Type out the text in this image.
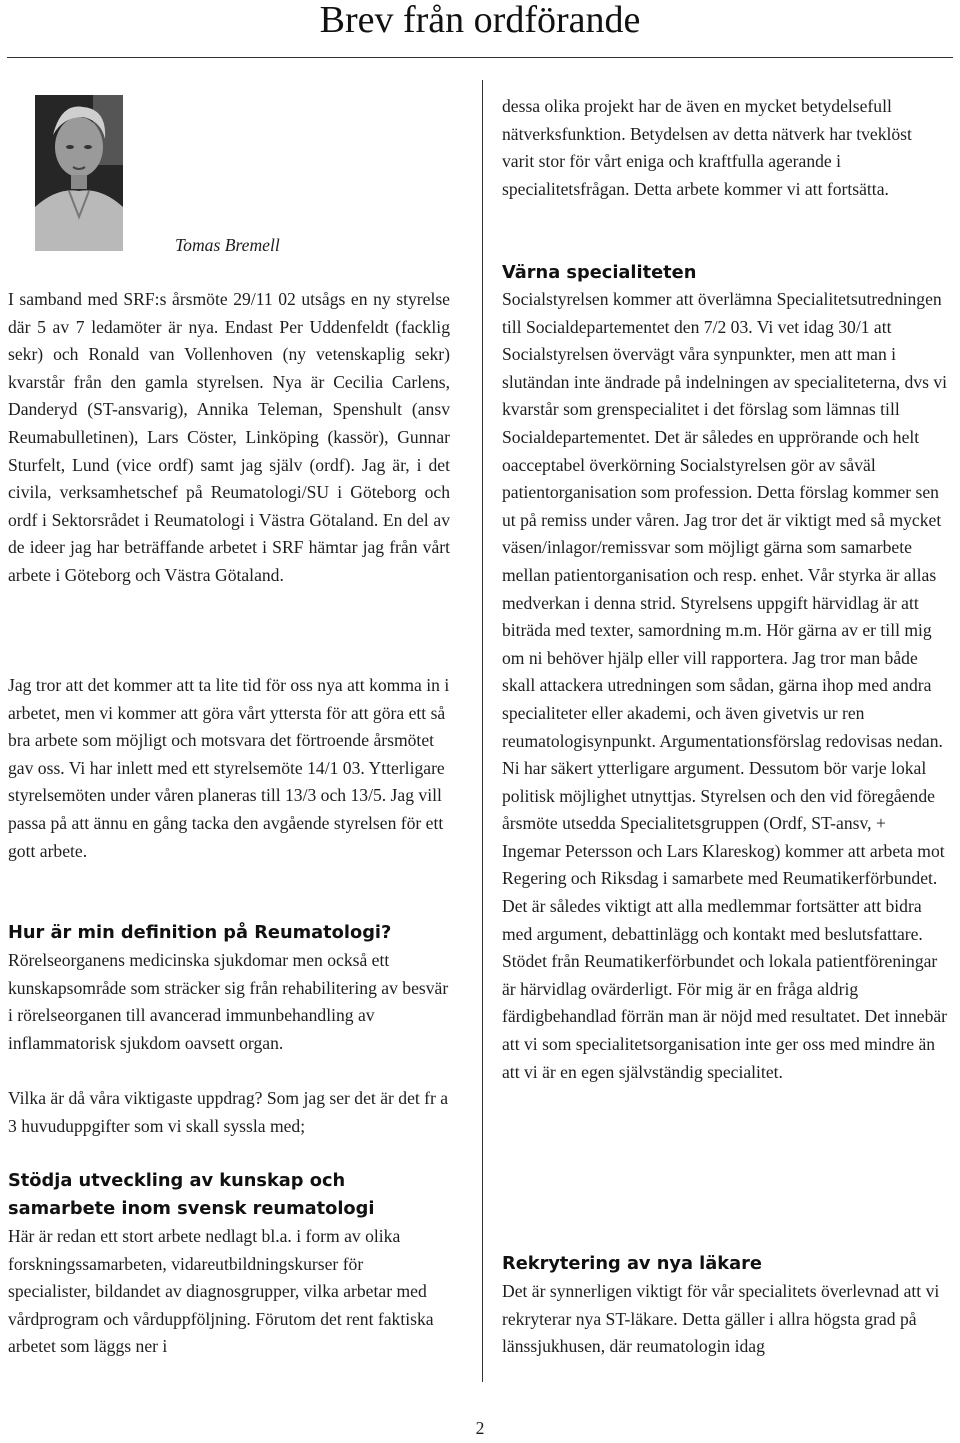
Brev från ordförande
Tomas Bremell

I samband med SRF:s årsmöte 29/11 02 utsågs en ny styrelse där 5 av 7 ledamöter är nya. Endast Per Uddenfeldt (facklig sekr) och Ronald van Vollenhoven (ny vetenskaplig sekr) kvarstår från den gamla styrelsen. Nya är Cecilia Carlens, Danderyd (ST-ansvarig), Annika Teleman, Spenshult (ansv Reumabulletinen), Lars Cöster, Linköping (kassör), Gunnar Sturfelt, Lund (vice ordf) samt jag själv (ordf). Jag är, i det civila, verksamhetschef på Reumatologi/SU i Göteborg och ordf i Sektorsrådet i Reumatologi i Västra Götaland. En del av de ideer jag har beträffande arbetet i SRF hämtar jag från vårt arbete i Göteborg och Västra Götaland.

Jag tror att det kommer att ta lite tid för oss nya att komma in i arbetet, men vi kommer att göra vårt yttersta för att göra ett så bra arbete som möjligt och motsvara det förtroende årsmötet gav oss. Vi har inlett med ett styrelsemöte 14/1 03. Ytterligare styrelsemöten under våren planeras till 13/3 och 13/5. Jag vill passa på att ännu en gång tacka den avgående styrelsen för ett gott arbete.

Hur är min definition på Reumatologi?

Rörelseorganens medicinska sjukdomar men också ett kunskapsområde som sträcker sig från rehabilitering av besvär i rörelseorganen till avancerad immunbehandling av inflammatorisk sjukdom oavsett organ.

Vilka är då våra viktigaste uppdrag? Som jag ser det är det fr a 3 huvuduppgifter som vi skall syssla med;

Stödja utveckling av kunskap och samarbete inom svensk reumatologi

Här är redan ett stort arbete nedlagt bl.a. i form av olika forskningssamarbeten, vidareutbildningskurser för specialister, bildandet av diagnosgrupper, vilka arbetar med vårdprogram och vårduppföljning. Förutom det rent faktiska arbetet som läggs ner i

dessa olika projekt har de även en mycket betydelsefull nätverksfunktion. Betydelsen av detta nätverk har tveklöst varit stor för vårt eniga och kraftfulla agerande i specialitetsfrågan. Detta arbete kommer vi att fortsätta.

Värna specialiteten

Socialstyrelsen kommer att överlämna Specialitetsutredningen till Socialdepartementet den 7/2 03. Vi vet idag 30/1 att Socialstyrelsen övervägt våra synpunkter, men att man i slutändan inte ändrade på indelningen av specialiteterna, dvs vi kvarstår som grenspecialitet i det förslag som lämnas till Socialdepartementet. Det är således en upprörande och helt oacceptabel överkörning Socialstyrelsen gör av såväl patientorganisation som profession. Detta förslag kommer sen ut på remiss under våren. Jag tror det är viktigt med så mycket väsen/inlagor/remissvar som möjligt gärna som samarbete mellan patientorganisation och resp. enhet. Vår styrka är allas medverkan i denna strid. Styrelsens uppgift härvidlag är att biträda med texter, samordning m.m. Hör gärna av er till mig om ni behöver hjälp eller vill rapportera. Jag tror man både skall attackera utredningen som sådan, gärna ihop med andra specialiteter eller akademi, och även givetvis ur ren reumatologisynpunkt. Argumentationsförslag redovisas nedan. Ni har säkert ytterligare argument. Dessutom bör varje lokal politisk möjlighet utnyttjas. Styrelsen och den vid föregående årsmöte utsedda Specialitetsgruppen (Ordf, ST-ansv, + Ingemar Petersson och Lars Klareskog) kommer att arbeta mot Regering och Riksdag i samarbete med Reumatikerförbundet. Det är således viktigt att alla medlemmar fortsätter att bidra med argument, debattinlägg och kontakt med beslutsfattare. Stödet från Reumatikerförbundet och lokala patientföreningar är härvidlag ovärderligt. För mig är en fråga aldrig färdigbehandlad förrän man är nöjd med resultatet. Det innebär att vi som specialitetsorganisation inte ger oss med mindre än att vi är en egen självständig specialitet.

Rekrytering av nya läkare

Det är synnerligen viktigt för vår specialitets överlevnad att vi rekryterar nya ST-läkare. Detta gäller i allra högsta grad på länssjukhusen, där reumatologin idag

2
